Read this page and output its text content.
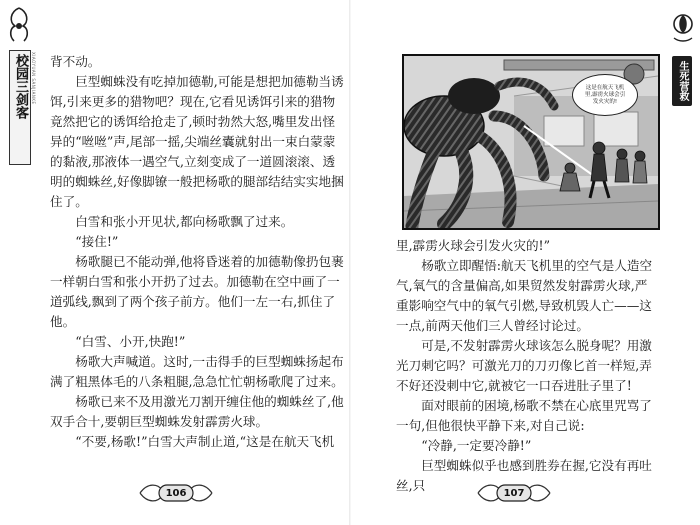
校园三剑客 XIAOYUAN SANJIANKE 背不动。

巨型蜘蛛没有吃掉加德勒,可能是想把加德勒当诱饵,引来更多的猎物吧？现在,它看见诱饵引来的猎物竟然把它的诱饵给抢走了,顿时勃然大怒,嘴里发出怪异的“咝咝”声,尾部一摇,尖端丝囊就射出一束白蒙蒙的黏液,那液体一遇空气,立刻变成了一道圆滚滚、透明的蜘蛛丝,好像脚镣一般把杨歌的腿部结结实实地捆住了。

白雪和张小开见状,都向杨歌飘了过来。

“接住!”

杨歌腿已不能动弹,他将昏迷着的加德勒像扔包裹一样朝白雪和张小开扔了过去。加德勒在空中画了一道弧线,飘到了两个孩子前方。他们一左一右,抓住了他。

“白雪、小开,快跑!”

杨歌大声喊道。这时,一击得手的巨型蜘蛛扬起布满了粗黑体毛的八条粗腿,急急忙忙朝杨歌爬了过来。

杨歌已来不及用激光刀割开缠住他的蜘蛛丝了,他双手合十,要朝巨型蜘蛛发射霹雳火球。

“不要,杨歌!”白雪大声制止道,“这是在航天飞机

106
生死营救
这是在航天飞机里,霹雳火球会引发火灾的!

里,霹雳火球会引发火灾的!”

杨歌立即醒悟:航天飞机里的空气是人造空气,氧气的含量偏高,如果贸然发射霹雳火球,严重影响空气中的氧气引燃,导致机毁人亡——这一点,前两天他们三人曾经讨论过。

可是,不发射霹雳火球该怎么脱身呢？用激光刀刺它吗？可激光刀的刀刃像匕首一样短,弄不好还没刺中它,就被它一口吞进肚子里了!

面对眼前的困境,杨歌不禁在心底里咒骂了一句,但他很快平静下来,对自己说:

“冷静,一定要冷静!”

巨型蜘蛛似乎也感到胜券在握,它没有再吐丝,只

107
